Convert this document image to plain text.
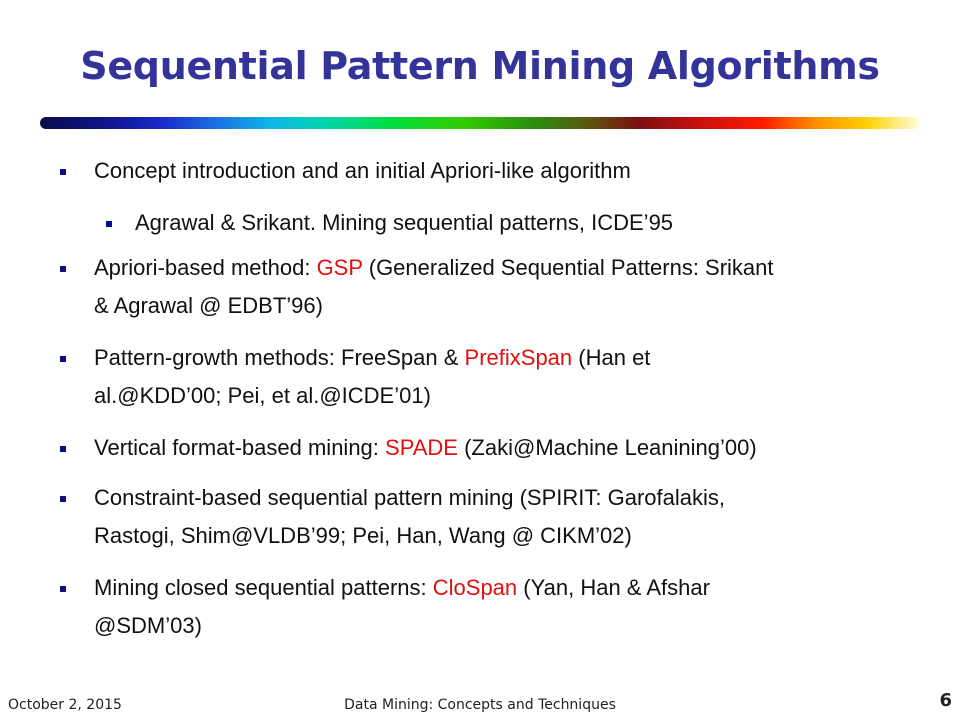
Sequential Pattern Mining Algorithms
Concept introduction and an initial Apriori-like algorithm
Agrawal & Srikant. Mining sequential patterns, ICDE’95
Apriori-based method: GSP (Generalized Sequential Patterns: Srikant
& Agrawal @ EDBT’96)
Pattern-growth methods: FreeSpan & PrefixSpan (Han et
al.@KDD’00; Pei, et al.@ICDE’01)
Vertical format-based mining: SPADE (Zaki@Machine Leanining’00)
Constraint-based sequential pattern mining (SPIRIT: Garofalakis,
Rastogi, Shim@VLDB’99; Pei, Han, Wang @ CIKM’02)
Mining closed sequential patterns: CloSpan (Yan, Han & Afshar
@SDM’03)
October 2, 2015	Data Mining: Concepts and Techniques	6
